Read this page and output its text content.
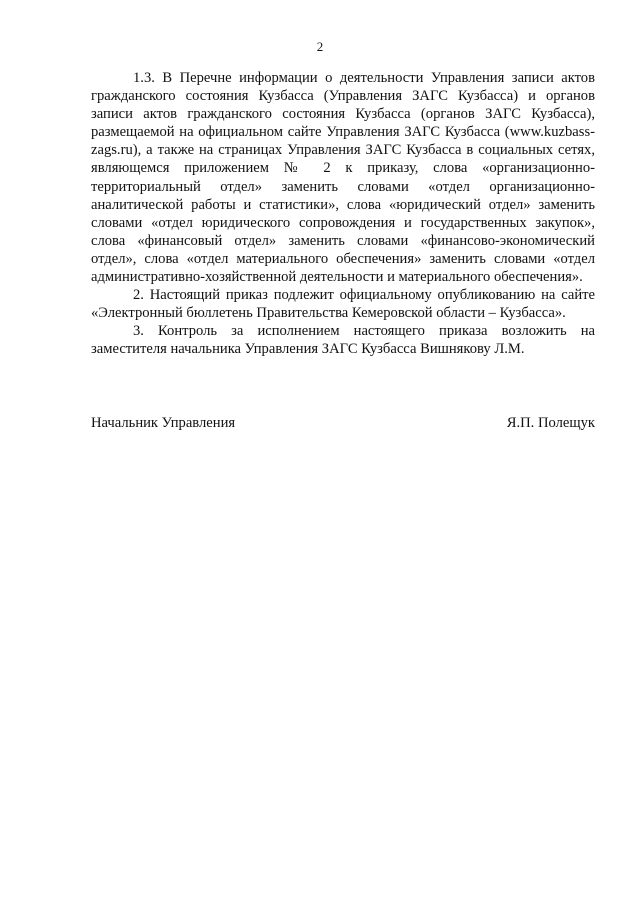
2

1.3. В Перечне информации о деятельности Управления записи актов гражданского состояния Кузбасса (Управления ЗАГС Кузбасса) и органов записи актов гражданского состояния Кузбасса (органов ЗАГС Кузбасса), размещаемой на официальном сайте Управления ЗАГС Кузбасса (www.kuzbass-zags.ru), а также на страницах Управления ЗАГС Кузбасса в социальных сетях, являющемся приложением № 2 к приказу, слова «организационно-территориальный отдел» заменить словами «отдел организационно-аналитической работы и статистики», слова «юридический отдел» заменить словами «отдел юридического сопровождения и государственных закупок», слова «финансовый отдел» заменить словами «финансово-экономический отдел», слова «отдел материального обеспечения» заменить словами «отдел административно-хозяйственной деятельности и материального обеспечения».

2. Настоящий приказ подлежит официальному опубликованию на сайте «Электронный бюллетень Правительства Кемеровской области – Кузбасса».

3. Контроль за исполнением настоящего приказа возложить на заместителя начальника Управления ЗАГС Кузбасса Вишнякову Л.М.

Начальник Управления	Я.П. Полещук
